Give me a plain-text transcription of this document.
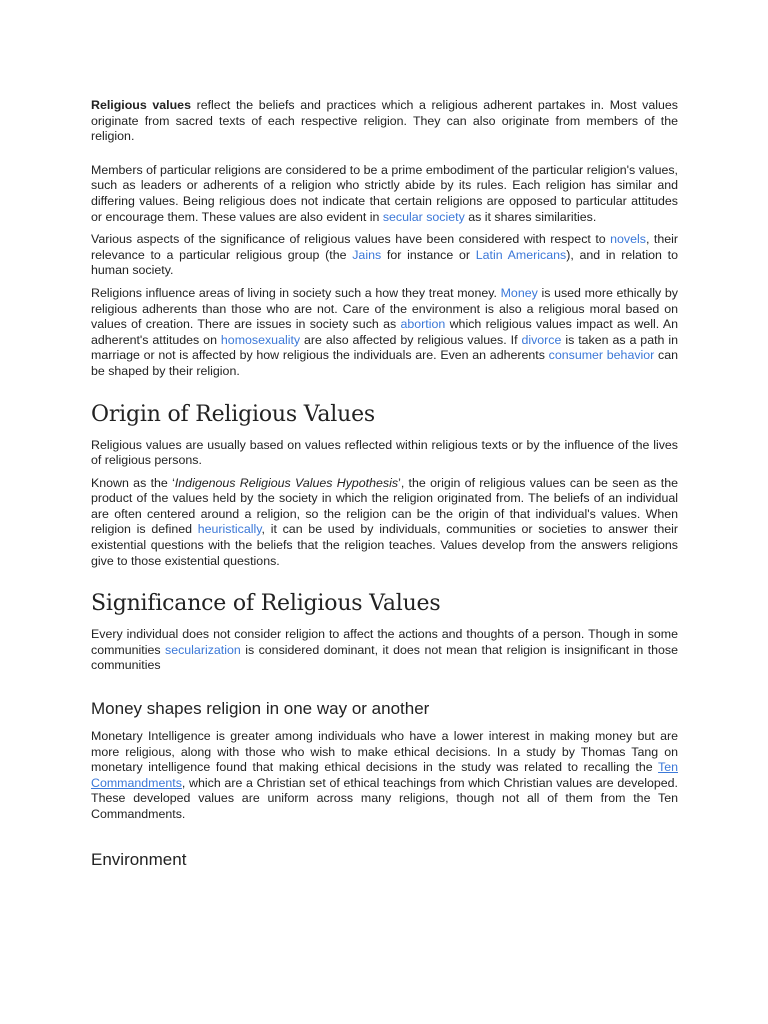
Religious values reflect the beliefs and practices which a religious adherent partakes in. Most values originate from sacred texts of each respective religion. They can also originate from members of the religion.

Members of particular religions are considered to be a prime embodiment of the particular religion's values, such as leaders or adherents of a religion who strictly abide by its rules. Each religion has similar and differing values. Being religious does not indicate that certain religions are opposed to particular attitudes or encourage them. These values are also evident in secular society as it shares similarities.

Various aspects of the significance of religious values have been considered with respect to novels, their relevance to a particular religious group (the Jains for instance or Latin Americans), and in relation to human society.

Religions influence areas of living in society such a how they treat money. Money is used more ethically by religious adherents than those who are not. Care of the environment is also a religious moral based on values of creation. There are issues in society such as abortion which religious values impact as well. An adherent's attitudes on homosexuality are also affected by religious values. If divorce is taken as a path in marriage or not is affected by how religious the individuals are. Even an adherents consumer behavior can be shaped by their religion.

Origin of Religious Values

Religious values are usually based on values reflected within religious texts or by the influence of the lives of religious persons.

Known as the ‘Indigenous Religious Values Hypothesis’, the origin of religious values can be seen as the product of the values held by the society in which the religion originated from. The beliefs of an individual are often centered around a religion, so the religion can be the origin of that individual's values. When religion is defined heuristically, it can be used by individuals, communities or societies to answer their existential questions with the beliefs that the religion teaches. Values develop from the answers religions give to those existential questions.

Significance of Religious Values

Every individual does not consider religion to affect the actions and thoughts of a person. Though in some communities secularization is considered dominant, it does not mean that religion is insignificant in those communities

Money shapes religion in one way or another

Monetary Intelligence is greater among individuals who have a lower interest in making money but are more religious, along with those who wish to make ethical decisions. In a study by Thomas Tang on monetary intelligence found that making ethical decisions in the study was related to recalling the Ten Commandments, which are a Christian set of ethical teachings from which Christian values are developed. These developed values are uniform across many religions, though not all of them from the Ten Commandments.

Environment
